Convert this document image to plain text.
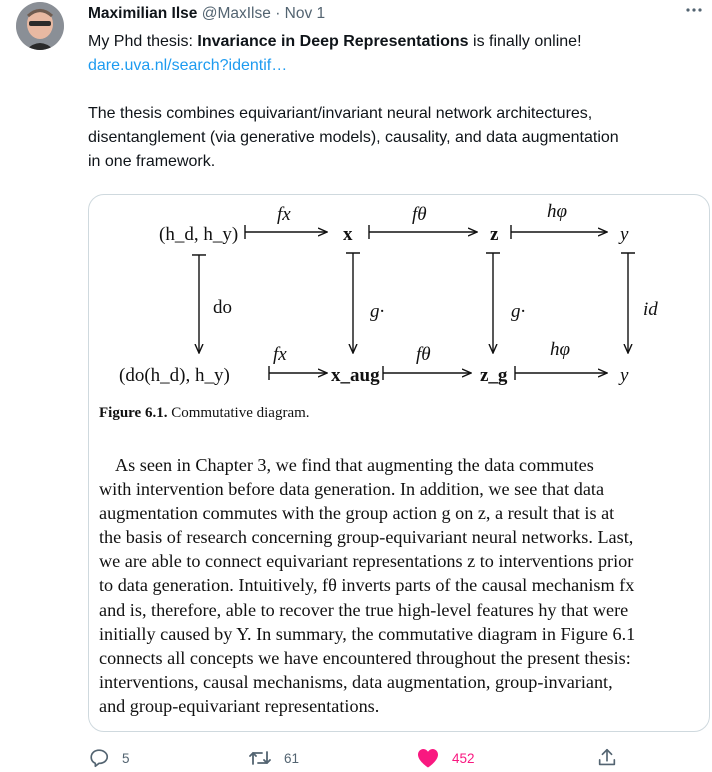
Maximilian Ilse @MaxIlse · Nov 1
My Phd thesis: Invariance in Deep Representations is finally online!
dare.uva.nl/search?identif…
The thesis combines equivariant/invariant neural network architectures,
disentanglement (via generative models), causality, and data augmentation
in one framework.
(h_d, h_y)	x	z	y
fx	fθ	hφ
do	g·	g·	id
(do(h_d), h_y)	x_aug	z_g	y
fx	fθ	hφ
Figure 6.1. Commutative diagram.
As seen in Chapter 3, we find that augmenting the data commutes
with intervention before data generation. In addition, we see that data
augmentation commutes with the group action g on z, a result that is at
the basis of research concerning group-equivariant neural networks. Last,
we are able to connect equivariant representations z to interventions prior
to data generation. Intuitively, fθ inverts parts of the causal mechanism fx
and is, therefore, able to recover the true high-level features hy that were
initially caused by Y. In summary, the commutative diagram in Figure 6.1
connects all concepts we have encountered throughout the present thesis:
interventions, causal mechanisms, data augmentation, group-invariant,
and group-equivariant representations.
5	61	452
